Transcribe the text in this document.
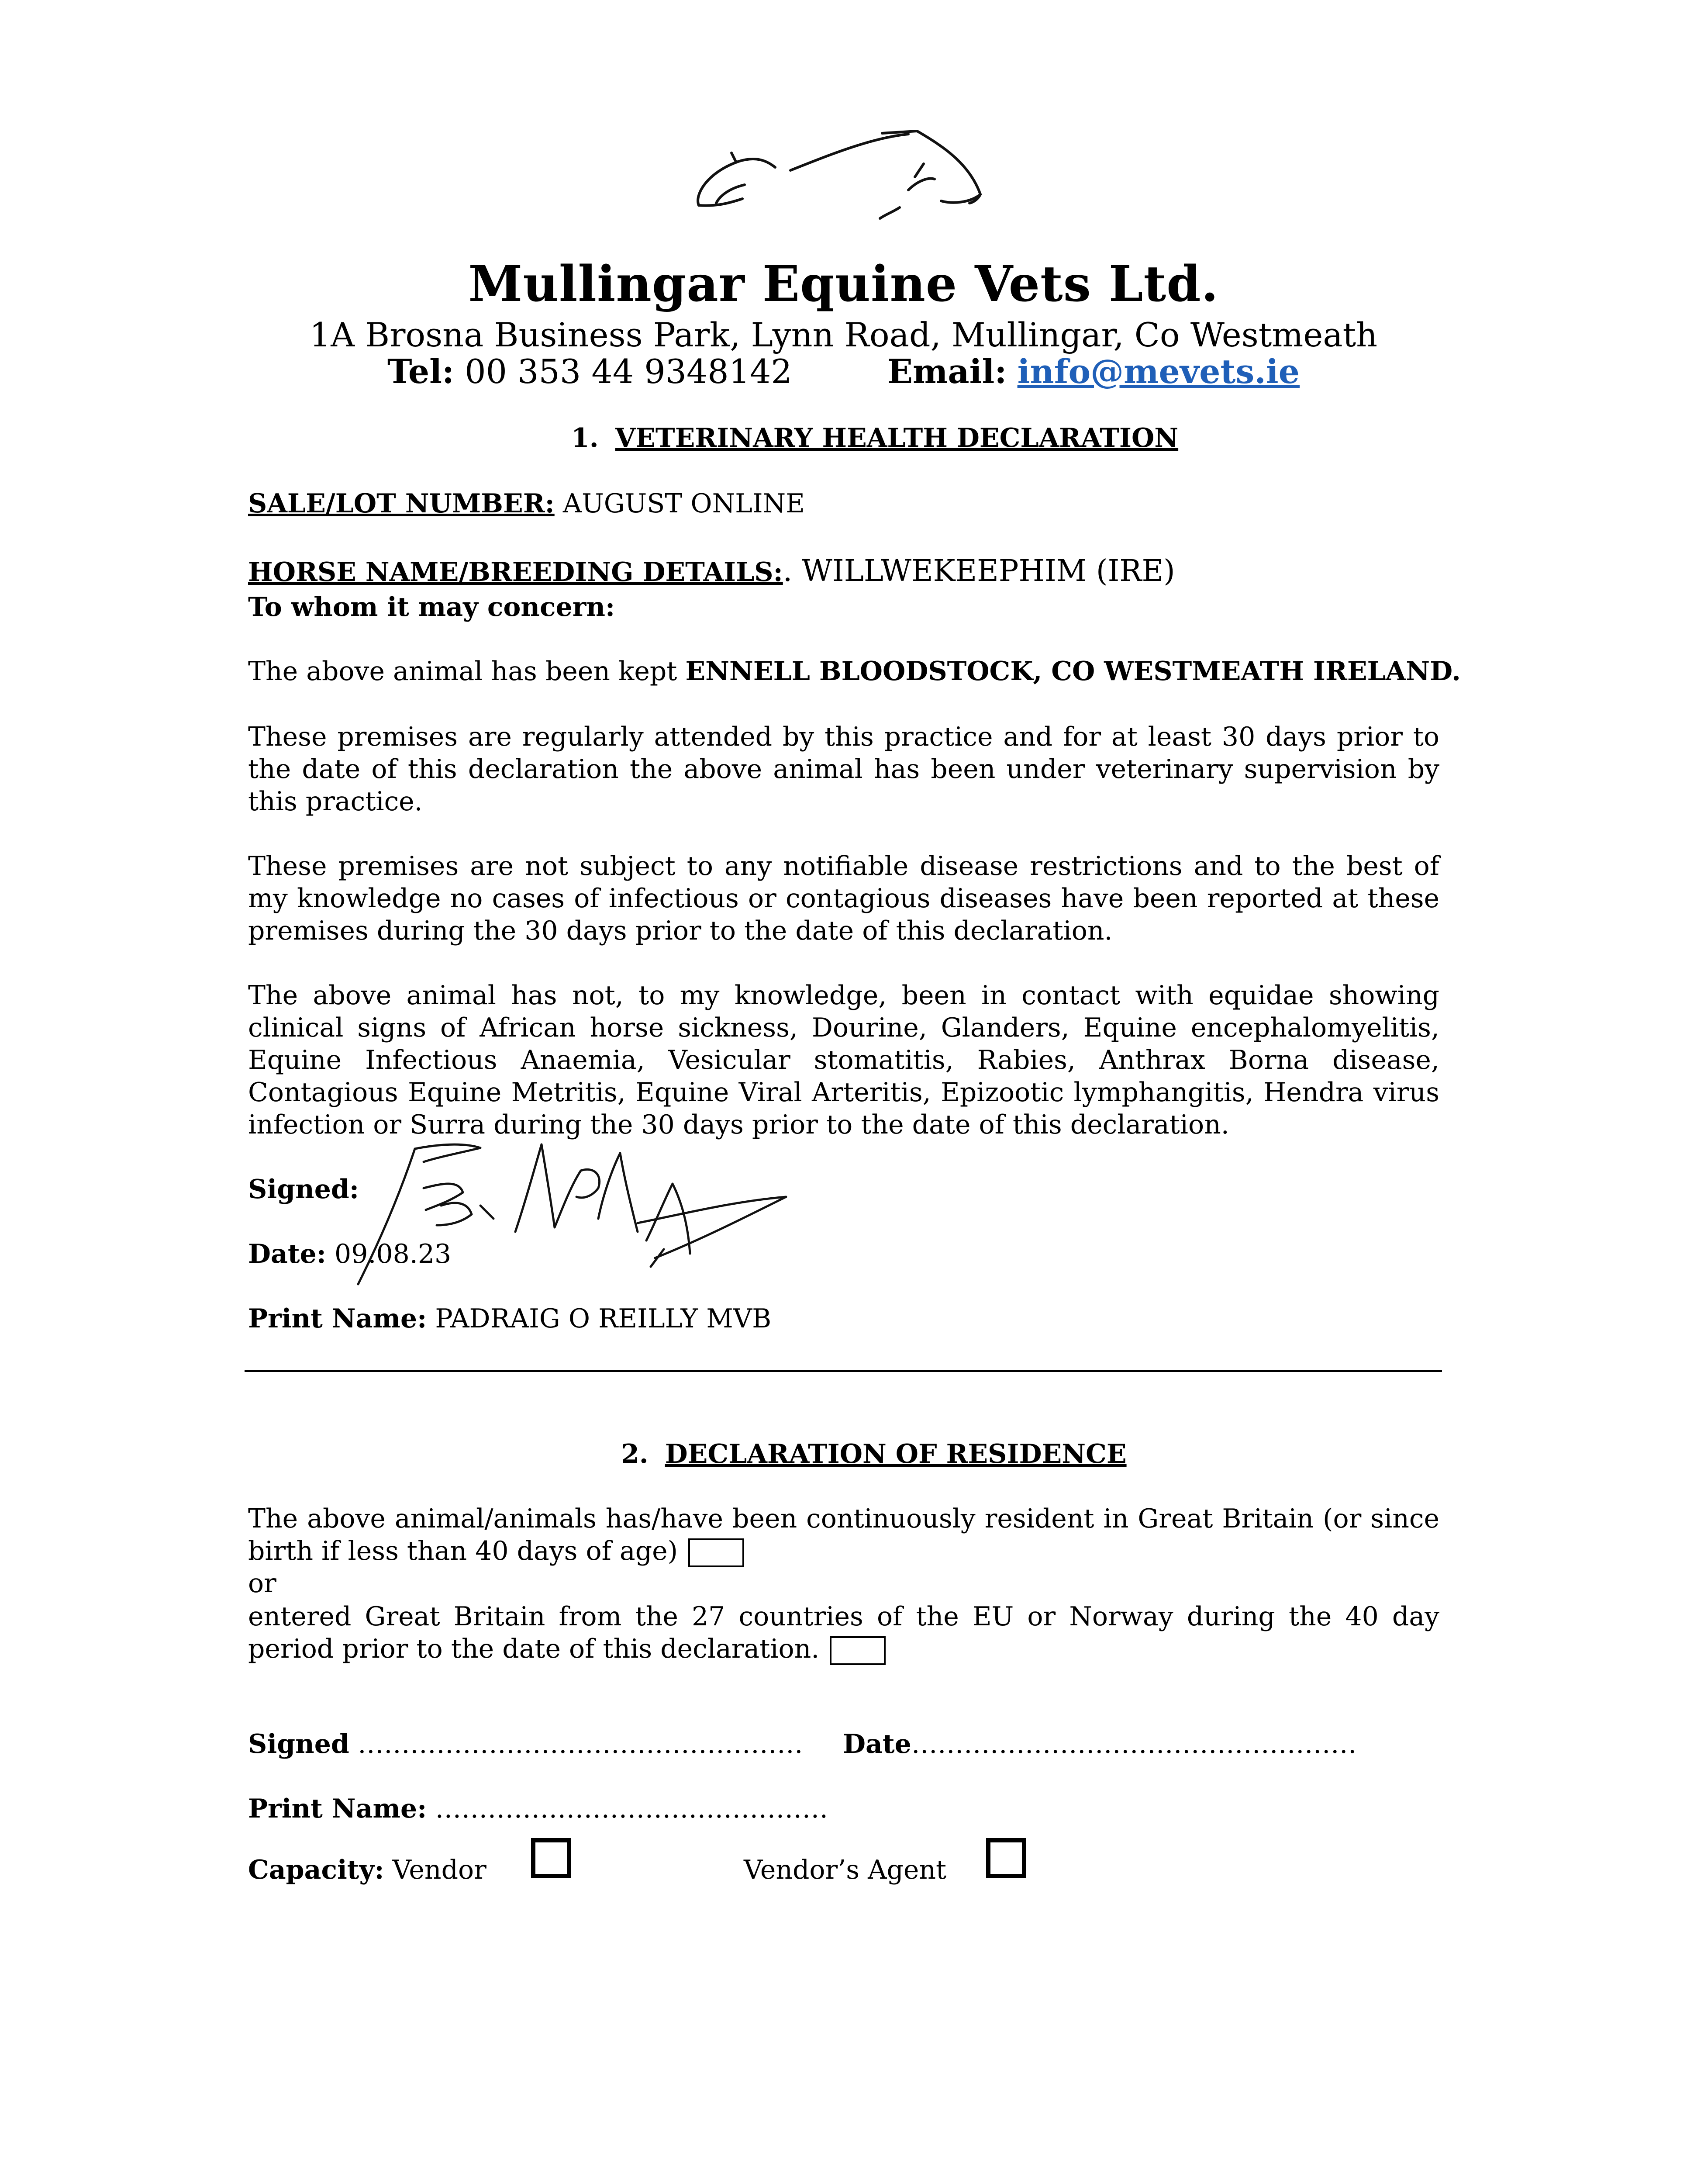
Mullingar Equine Vets Ltd.
1A Brosna Business Park, Lynn Road, Mullingar, Co Westmeath
Tel: 00 353 44 9348142	Email: info@mevets.ie
1. VETERINARY HEALTH DECLARATION
SALE/LOT NUMBER: AUGUST ONLINE
HORSE NAME/BREEDING DETAILS:. WILLWEKEEPHIM (IRE)
To whom it may concern:
The above animal has been kept ENNELL BLOODSTOCK, CO WESTMEATH IRELAND.
These premises are regularly attended by this practice and for at least 30 days prior to the date of this declaration the above animal has been under veterinary supervision by this practice.
These premises are not subject to any notifiable disease restrictions and to the best of my knowledge no cases of infectious or contagious diseases have been reported at these premises during the 30 days prior to the date of this declaration.
The above animal has not, to my knowledge, been in contact with equidae showing clinical signs of African horse sickness, Dourine, Glanders, Equine encephalomyelitis, Equine Infectious Anaemia, Vesicular stomatitis, Rabies, Anthrax Borna disease, Contagious Equine Metritis, Equine Viral Arteritis, Epizootic lymphangitis, Hendra virus infection or Surra during the 30 days prior to the date of this declaration.
Signed:
Date: 09.08.23
Print Name: PADRAIG O REILLY MVB
2. DECLARATION OF RESIDENCE
The above animal/animals has/have been continuously resident in Great Britain (or since birth if less than 40 days of age)
or
entered Great Britain from the 27 countries of the EU or Norway during the 40 day period prior to the date of this declaration.
Signed …………………………………………… Date……………………………………………
Print Name: ………………………………………
Capacity: Vendor	Vendor’s Agent
